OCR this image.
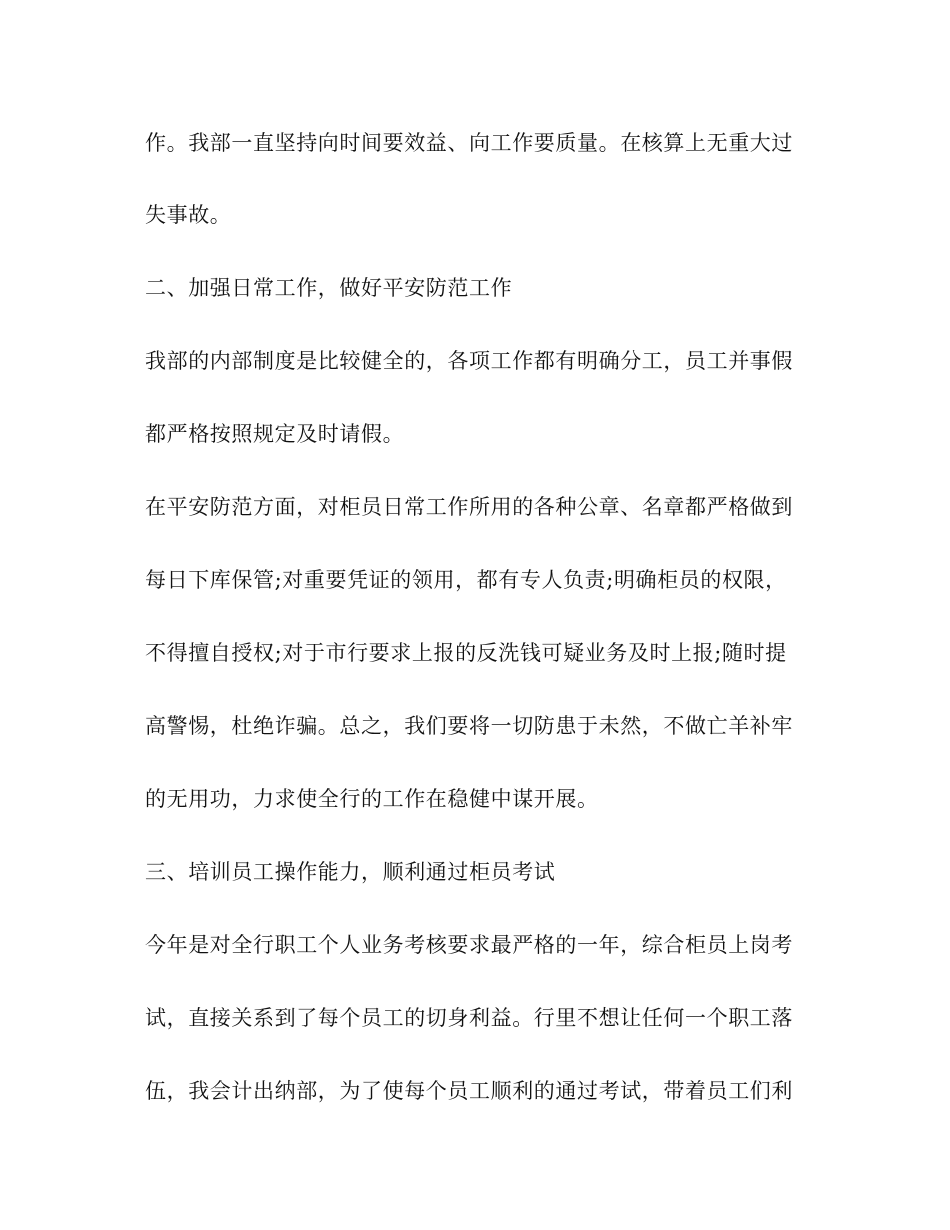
作。我部一直坚持向时间要效益、向工作要质量。在核算上无重大过
失事故。
二、加强日常工作，做好平安防范工作
我部的内部制度是比较健全的，各项工作都有明确分工，员工并事假
都严格按照规定及时请假。
在平安防范方面，对柜员日常工作所用的各种公章、名章都严格做到
每日下库保管;对重要凭证的领用，都有专人负责;明确柜员的权限，
不得擅自授权;对于市行要求上报的反洗钱可疑业务及时上报;随时提
高警惕，杜绝诈骗。总之，我们要将一切防患于未然，不做亡羊补牢
的无用功，力求使全行的工作在稳健中谋开展。
三、培训员工操作能力，顺利通过柜员考试
今年是对全行职工个人业务考核要求最严格的一年，综合柜员上岗考
试，直接关系到了每个员工的切身利益。行里不想让任何一个职工落
伍，我会计出纳部，为了使每个员工顺利的通过考试，带着员工们利
